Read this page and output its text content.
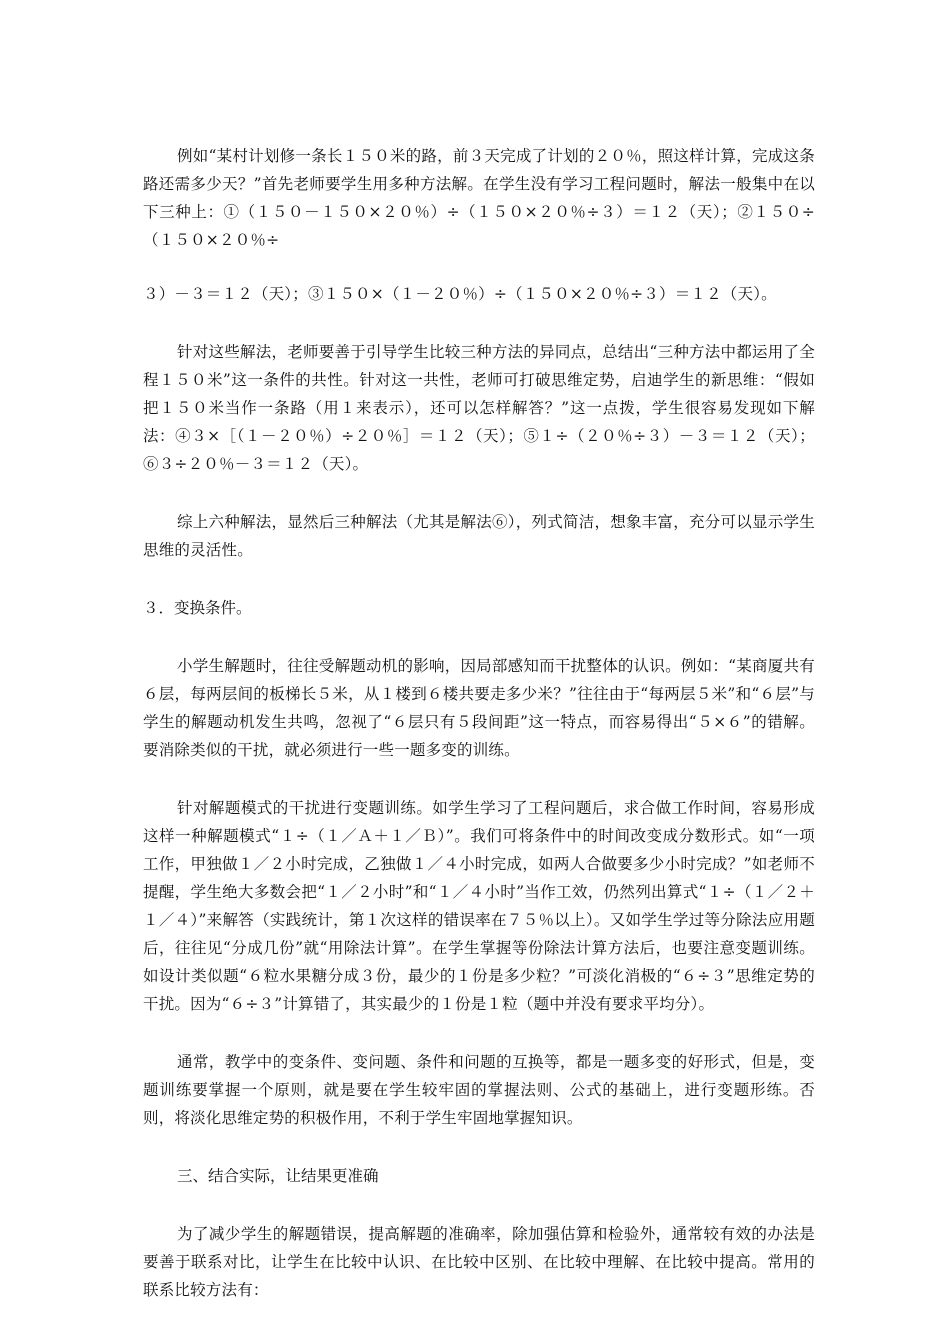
例如“某村计划修一条长１５０米的路，前３天完成了计划的２０％，照这样计算，完成这条路还需多少天？”首先老师要学生用多种方法解。在学生没有学习工程问题时，解法一般集中在以下三种上：①（１５０－１５０×２０％）÷（１５０×２０％÷３）＝１２（天）；②１５０÷（１５０×２０％÷

３）－３＝１２（天）；③１５０×（１－２０％）÷（１５０×２０％÷３）＝１２（天）。

针对这些解法，老师要善于引导学生比较三种方法的异同点，总结出“三种方法中都运用了全程１５０米”这一条件的共性。针对这一共性，老师可打破思维定势，启迪学生的新思维：“假如把１５０米当作一条路（用１来表示），还可以怎样解答？”这一点拨，学生很容易发现如下解法：④３×［（１－２０％）÷２０％］＝１２（天）；⑤１÷（２０％÷３）－３＝１２（天）；⑥３÷２０％－３＝１２（天）。

综上六种解法，显然后三种解法（尤其是解法⑥），列式简洁，想象丰富，充分可以显示学生思维的灵活性。

３．变换条件。

小学生解题时，往往受解题动机的影响，因局部感知而干扰整体的认识。例如：“某商厦共有６层，每两层间的板梯长５米，从１楼到６楼共要走多少米？”往往由于“每两层５米”和“６层”与学生的解题动机发生共鸣，忽视了“６层只有５段间距”这一特点，而容易得出“５×６”的错解。要消除类似的干扰，就必须进行一些一题多变的训练。

针对解题模式的干扰进行变题训练。如学生学习了工程问题后，求合做工作时间，容易形成这样一种解题模式“１÷（１／Ａ＋１／Ｂ）”。我们可将条件中的时间改变成分数形式。如“一项工作，甲独做１／２小时完成，乙独做１／４小时完成，如两人合做要多少小时完成？”如老师不提醒，学生绝大多数会把“１／２小时”和“１／４小时”当作工效，仍然列出算式“１÷（１／２＋１／４）”来解答（实践统计，第１次这样的错误率在７５％以上）。又如学生学过等分除法应用题后，往往见“分成几份”就“用除法计算”。在学生掌握等份除法计算方法后，也要注意变题训练。如设计类似题“６粒水果糖分成３份，最少的１份是多少粒？”可淡化消极的“６÷３”思维定势的干扰。因为“６÷３”计算错了，其实最少的１份是１粒（题中并没有要求平均分）。

通常，教学中的变条件、变问题、条件和问题的互换等，都是一题多变的好形式，但是，变题训练要掌握一个原则，就是要在学生较牢固的掌握法则、公式的基础上，进行变题形练。否则，将淡化思维定势的积极作用，不利于学生牢固地掌握知识。

三、结合实际，让结果更准确

为了减少学生的解题错误，提高解题的准确率，除加强估算和检验外，通常较有效的办法是要善于联系对比，让学生在比较中认识、在比较中区别、在比较中理解、在比较中提高。常用的联系比较方法有：
